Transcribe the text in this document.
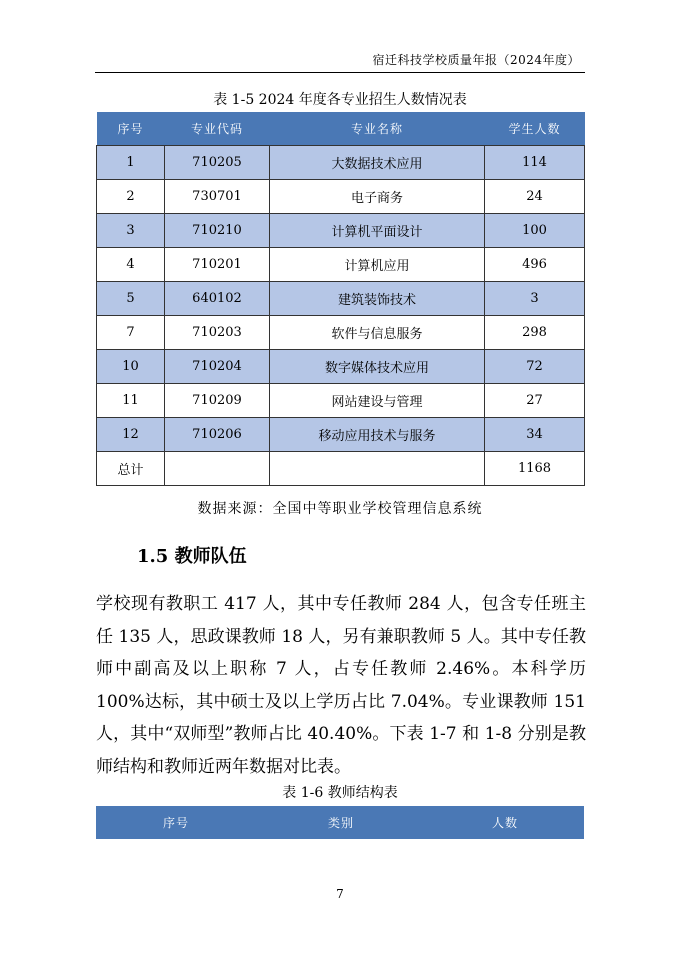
宿迁科技学校质量年报（2024年度）
表 1-5 2024 年度各专业招生人数情况表
序号	专业代码	专业名称	学生人数
1	710205	大数据技术应用	114
2	730701	电子商务	24
3	710210	计算机平面设计	100
4	710201	计算机应用	496
5	640102	建筑装饰技术	3
7	710203	软件与信息服务	298
10	710204	数字媒体技术应用	72
11	710209	网站建设与管理	27
12	710206	移动应用技术与服务	34
总计			1168
数据来源：全国中等职业学校管理信息系统
1.5 教师队伍
学校现有教职工 417 人，其中专任教师 284 人，包含专任班主任 135 人，思政课教师 18 人，另有兼职教师 5 人。其中专任教师中副高及以上职称 7 人，占专任教师 2.46%。本科学历 100%达标，其中硕士及以上学历占比 7.04%。专业课教师 151 人，其中“双师型”教师占比 40.40%。下表 1-7 和 1-8 分别是教师结构和教师近两年数据对比表。
表 1-6 教师结构表
序号	类别	人数
7
